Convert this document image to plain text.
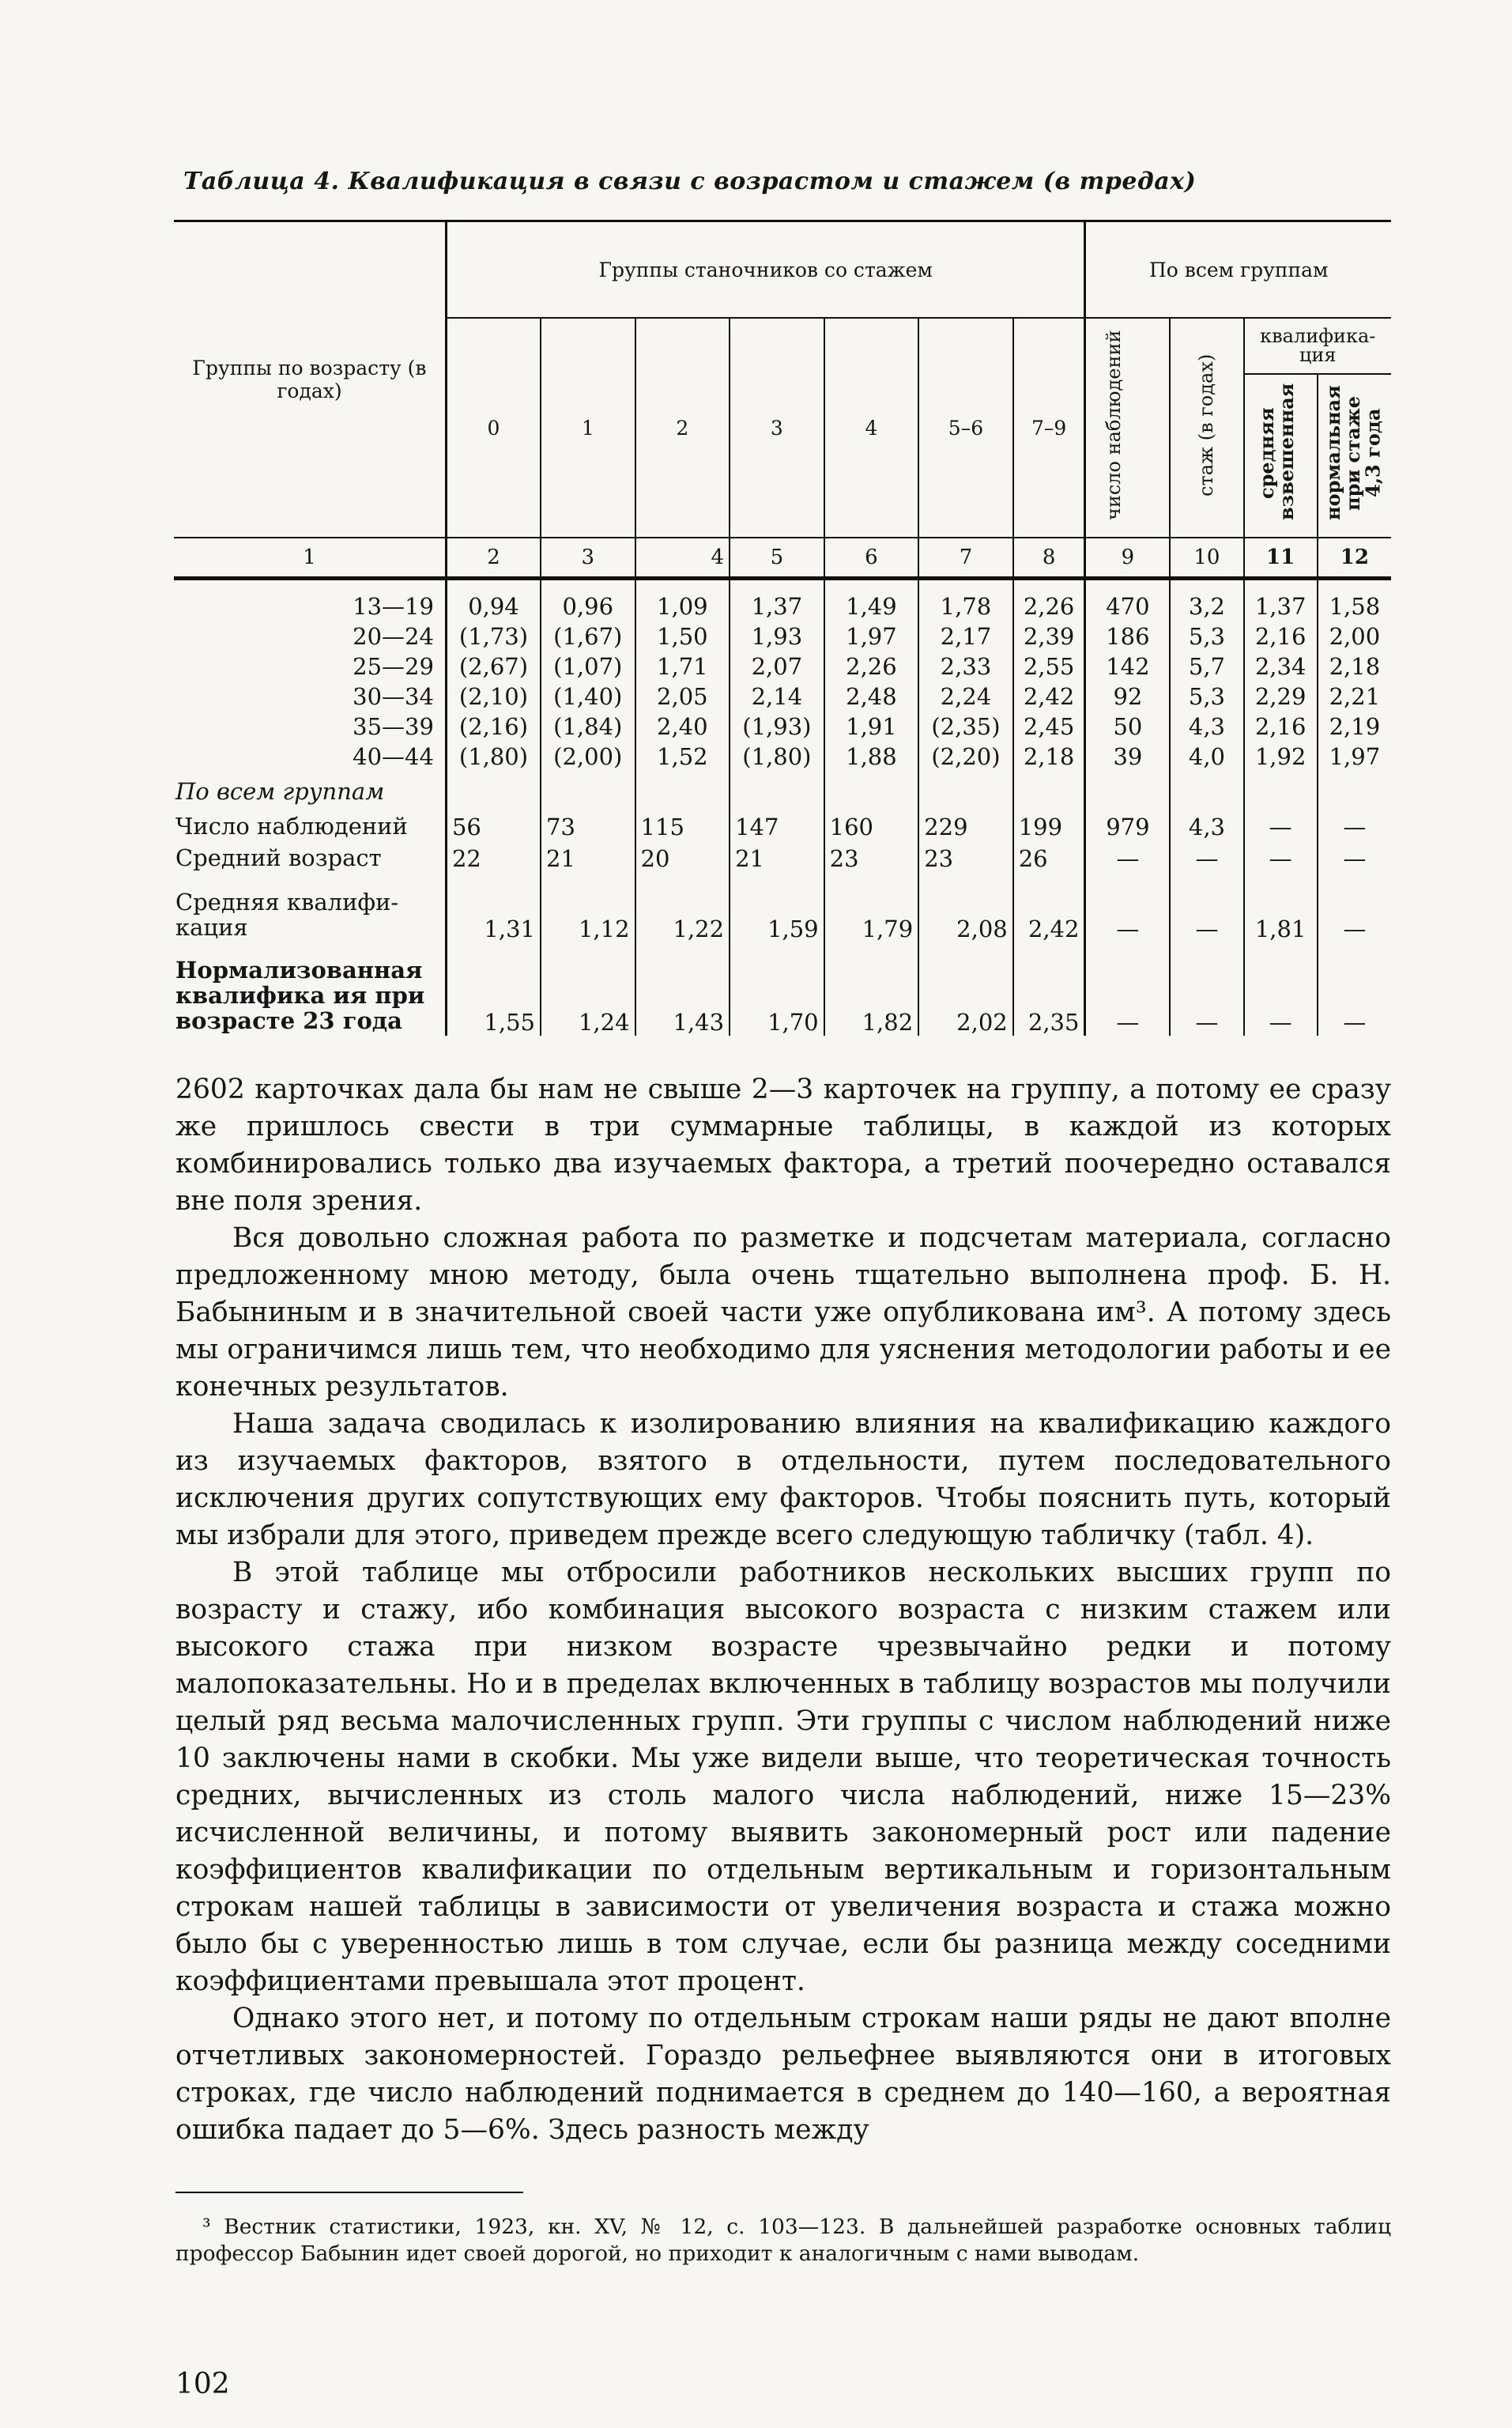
Таблица 4. Квалификация в связи с возрастом и стажем (в тредах)
Группы по возрасту (в годах)	Группы станочников со стажем							По всем группам			
	0	1	2	3	4	5–6	7–9	число наблюдений	стаж (в годах)	квалифика-ция	
										средняя взвешенная	нормальная при стаже 4,3 года
1	2	3	4	5	6	7	8	9	10	11	12
13—19	0,94	0,96	1,09	1,37	1,49	1,78	2,26	470	3,2	1,37	1,58
20—24	(1,73)	(1,67)	1,50	1,93	1,97	2,17	2,39	186	5,3	2,16	2,00
25—29	(2,67)	(1,07)	1,71	2,07	2,26	2,33	2,55	142	5,7	2,34	2,18
30—34	(2,10)	(1,40)	2,05	2,14	2,48	2,24	2,42	92	5,3	2,29	2,21
35—39	(2,16)	(1,84)	2,40	(1,93)	1,91	(2,35)	2,45	50	4,3	2,16	2,19
40—44	(1,80)	(2,00)	1,52	(1,80)	1,88	(2,20)	2,18	39	4,0	1,92	1,97
По всем группам											
Число наблюдений	56	73	115	147	160	229	199	979	4,3	—	—
Средний возраст	22	21	20	21	23	23	26	—	—	—	—
Средняя квалифи-кация	1,31	1,12	1,22	1,59	1,79	2,08	2,42	—	—	1,81	—
Нормализованная квалифика ия при возрасте 23 года	1,55	1,24	1,43	1,70	1,82	2,02	2,35	—	—	—	—

2602 карточках дала бы нам не свыше 2—3 карточек на группу, а потому ее сразу же пришлось свести в три суммарные таблицы, в каждой из которых комбинировались только два изучаемых фактора, а третий поочередно оставался вне поля зрения.

Вся довольно сложная работа по разметке и подсчетам материала, согласно предложенному мною методу, была очень тщательно выполнена проф. Б. Н. Бабыниным и в значительной своей части уже опубликована им³. А потому здесь мы ограничимся лишь тем, что необходимо для уяснения методологии работы и ее конечных результатов.

Наша задача сводилась к изолированию влияния на квалификацию каждого из изучаемых факторов, взятого в отдельности, путем последовательного исключения других сопутствующих ему факторов. Чтобы пояснить путь, который мы избрали для этого, приведем прежде всего следующую табличку (табл. 4).

В этой таблице мы отбросили работников нескольких высших групп по возрасту и стажу, ибо комбинация высокого возраста с низким стажем или высокого стажа при низком возрасте чрезвычайно редки и потому малопоказательны. Но и в пределах включенных в таблицу возрастов мы получили целый ряд весьма малочисленных групп. Эти группы с числом наблюдений ниже 10 заключены нами в скобки. Мы уже видели выше, что теоретическая точность средних, вычисленных из столь малого числа наблюдений, ниже 15—23% исчисленной величины, и потому выявить закономерный рост или падение коэффициентов квалификации по отдельным вертикальным и горизонтальным строкам нашей таблицы в зависимости от увеличения возраста и стажа можно было бы с уверенностью лишь в том случае, если бы разница между соседними коэффициентами превышала этот процент.

Однако этого нет, и потому по отдельным строкам наши ряды не дают вполне отчетливых закономерностей. Гораздо рельефнее выявляются они в итоговых строках, где число наблюдений поднимается в среднем до 140—160, а вероятная ошибка падает до 5—6%. Здесь разность между

³ Вестник статистики, 1923, кн. XV, № 12, с. 103—123. В дальнейшей разработке основных таблиц профессор Бабынин идет своей дорогой, но приходит к аналогичным с нами выводам.
102
